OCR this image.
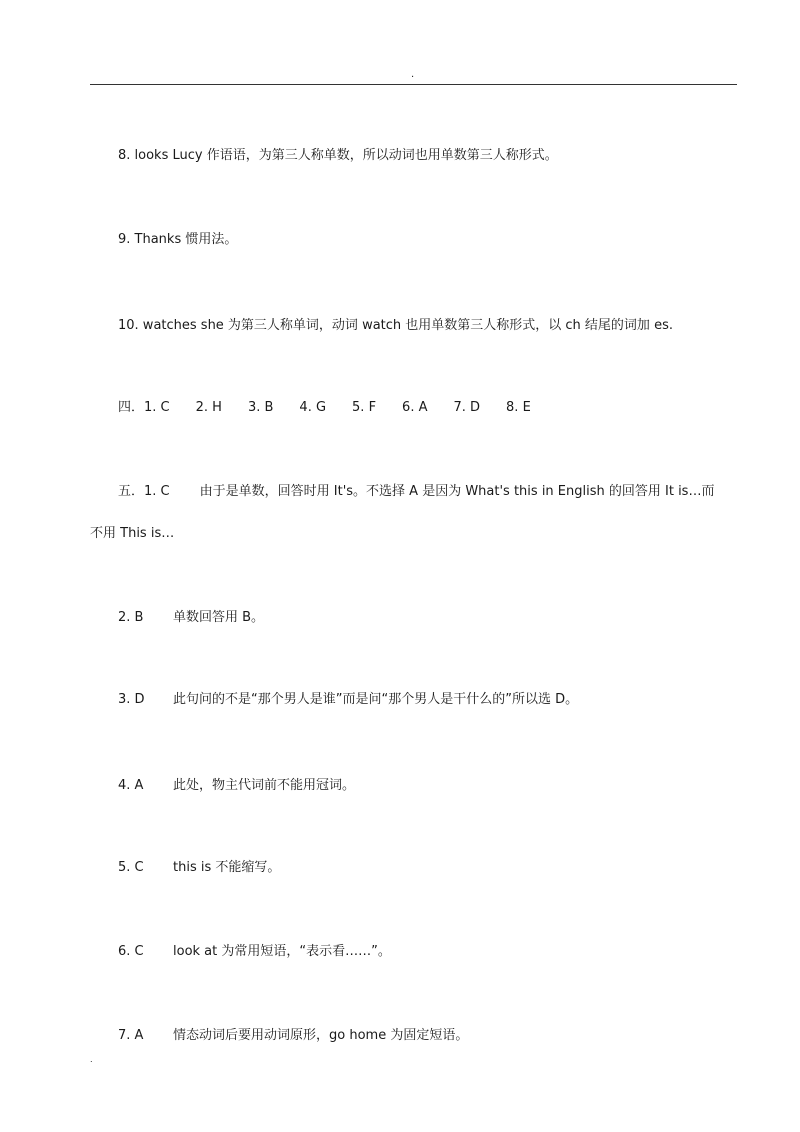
.
8. looks Lucy 作语语，为第三人称单数，所以动词也用单数第三人称形式。
9. Thanks 惯用法。
10. watches she 为第三人称单词，动词 watch 也用单数第三人称形式，以 ch 结尾的词加 es.
四．1. C 2. H 3. B 4. G 5. F 6. A 7. D 8. E
五．1. C 由于是单数，回答时用 It's。不选择 A 是因为 What's this in English 的回答用 It is…而
不用 This is…
2. B 单数回答用 B。
3. D 此句问的不是“那个男人是谁”而是问“那个男人是干什么的”所以选 D。
4. A 此处，物主代词前不能用冠词。
5. C this is 不能缩写。
6. C look at 为常用短语，“表示看……”。
7. A 情态动词后要用动词原形，go home 为固定短语。
.
